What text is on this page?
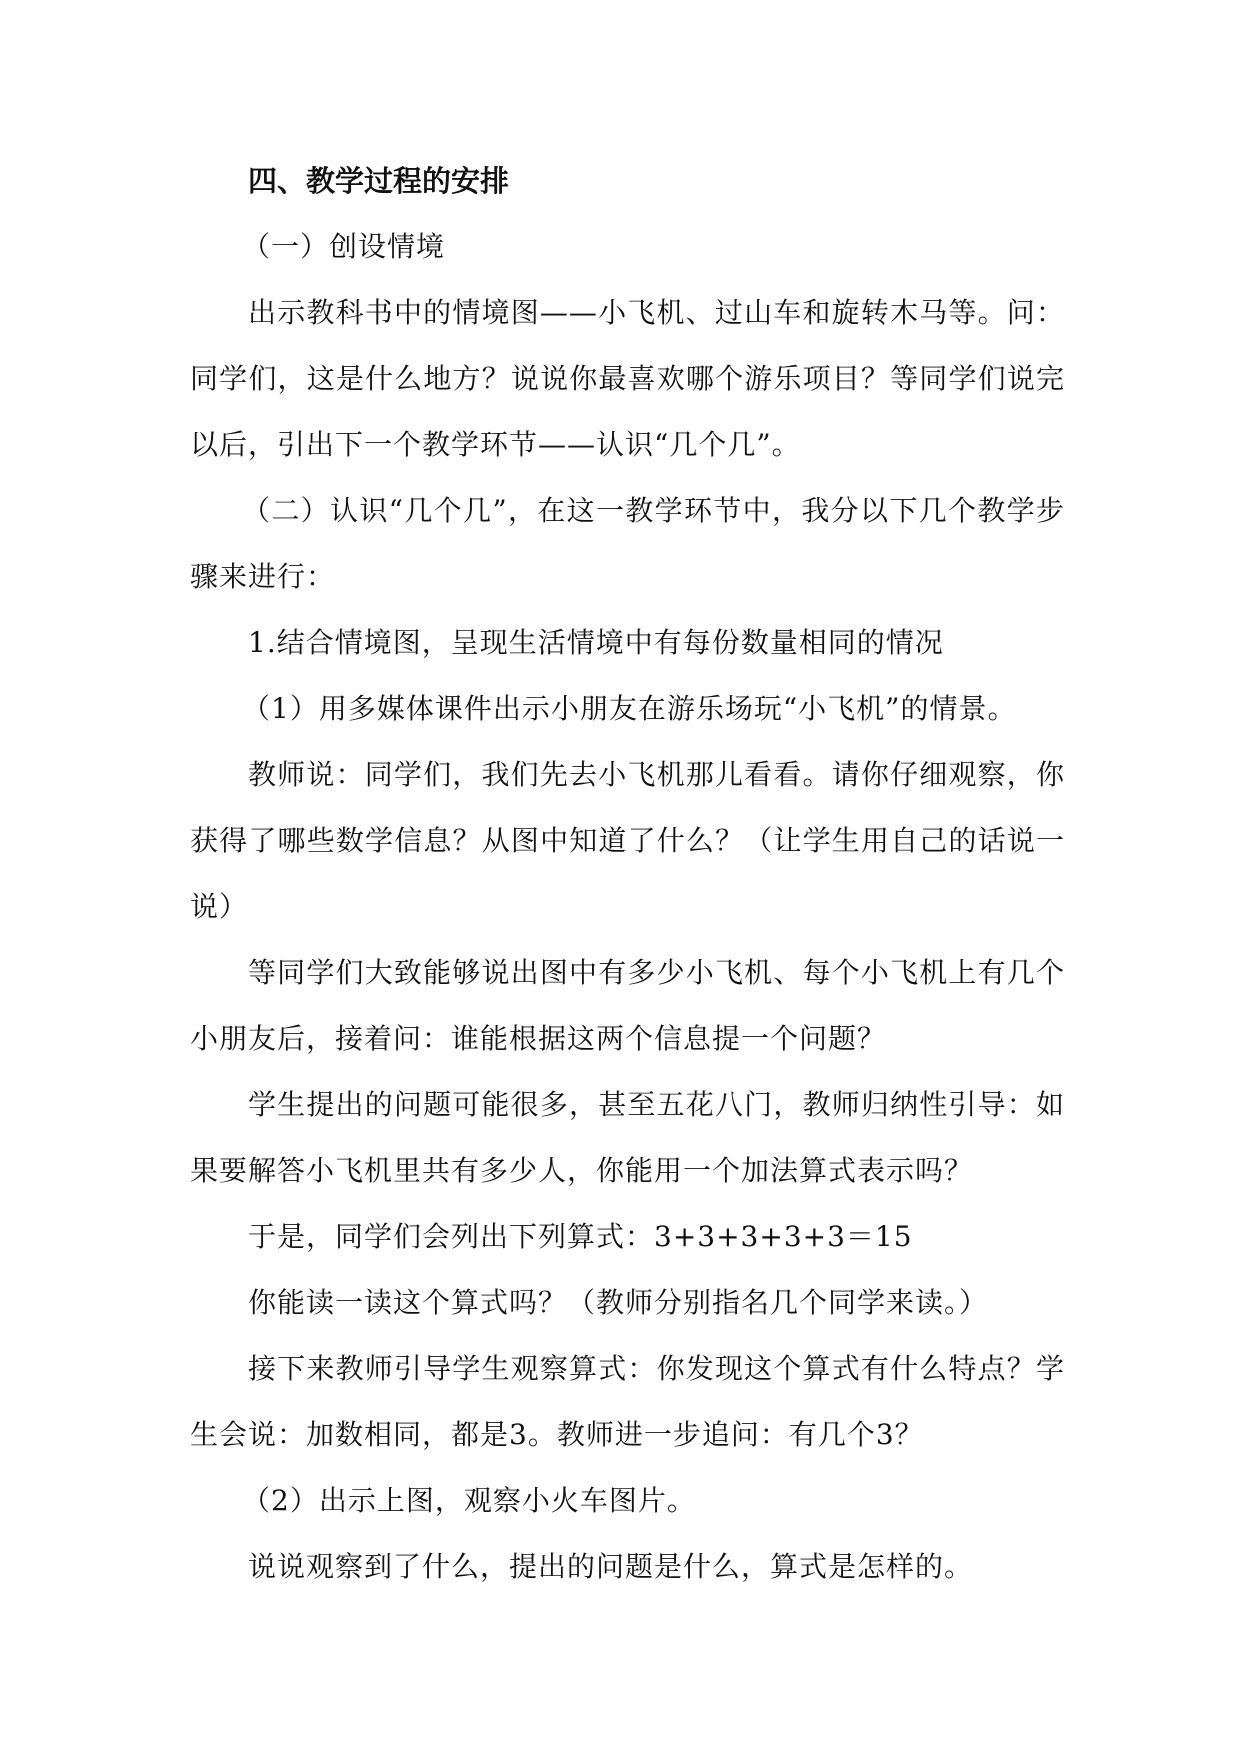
四、教学过程的安排

（一）创设情境

出示教科书中的情境图——小飞机、过山车和旋转木马等。问：同学们，这是什么地方？说说你最喜欢哪个游乐项目？等同学们说完以后，引出下一个教学环节——认识“几个几”。

（二）认识“几个几”，在这一教学环节中，我分以下几个教学步骤来进行：

1.结合情境图，呈现生活情境中有每份数量相同的情况

（1）用多媒体课件出示小朋友在游乐场玩“小飞机”的情景。

教师说：同学们，我们先去小飞机那儿看看。请你仔细观察，你获得了哪些数学信息？从图中知道了什么？（让学生用自己的话说一说）

等同学们大致能够说出图中有多少小飞机、每个小飞机上有几个小朋友后，接着问：谁能根据这两个信息提一个问题？

学生提出的问题可能很多，甚至五花八门，教师归纳性引导：如果要解答小飞机里共有多少人，你能用一个加法算式表示吗？

于是，同学们会列出下列算式：3+3+3+3+3＝15

你能读一读这个算式吗？（教师分别指名几个同学来读。）

接下来教师引导学生观察算式：你发现这个算式有什么特点？学生会说：加数相同，都是3。教师进一步追问：有几个3？

（2）出示上图，观察小火车图片。

说说观察到了什么，提出的问题是什么，算式是怎样的。
